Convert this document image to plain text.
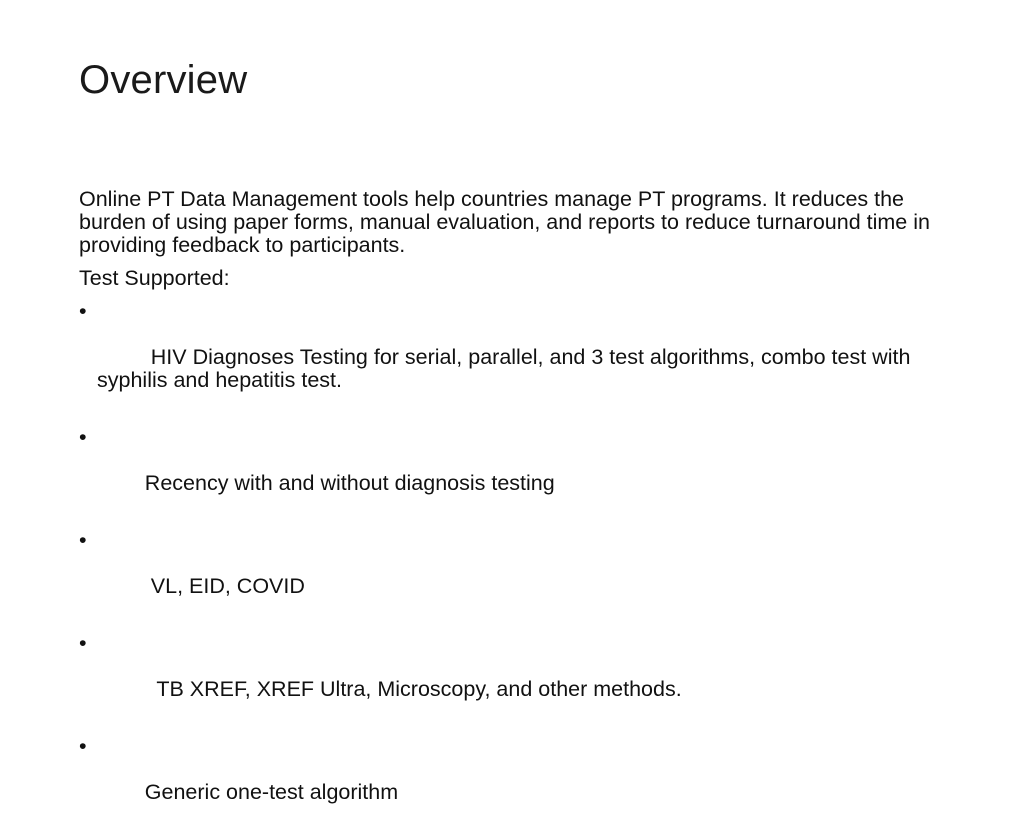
Overview

Online PT Data Management tools help countries manage PT programs. It reduces the burden of using paper forms, manual evaluation, and reports to reduce turnaround time in providing feedback to participants.

Test Supported:

•

HIV Diagnoses Testing for serial, parallel, and 3 test algorithms, combo test with syphilis and hepatitis test.

•

Recency with and without diagnosis testing

•

VL, EID, COVID

•

TB XREF, XREF Ultra, Microscopy, and other methods.

•

Generic one-test algorithm
